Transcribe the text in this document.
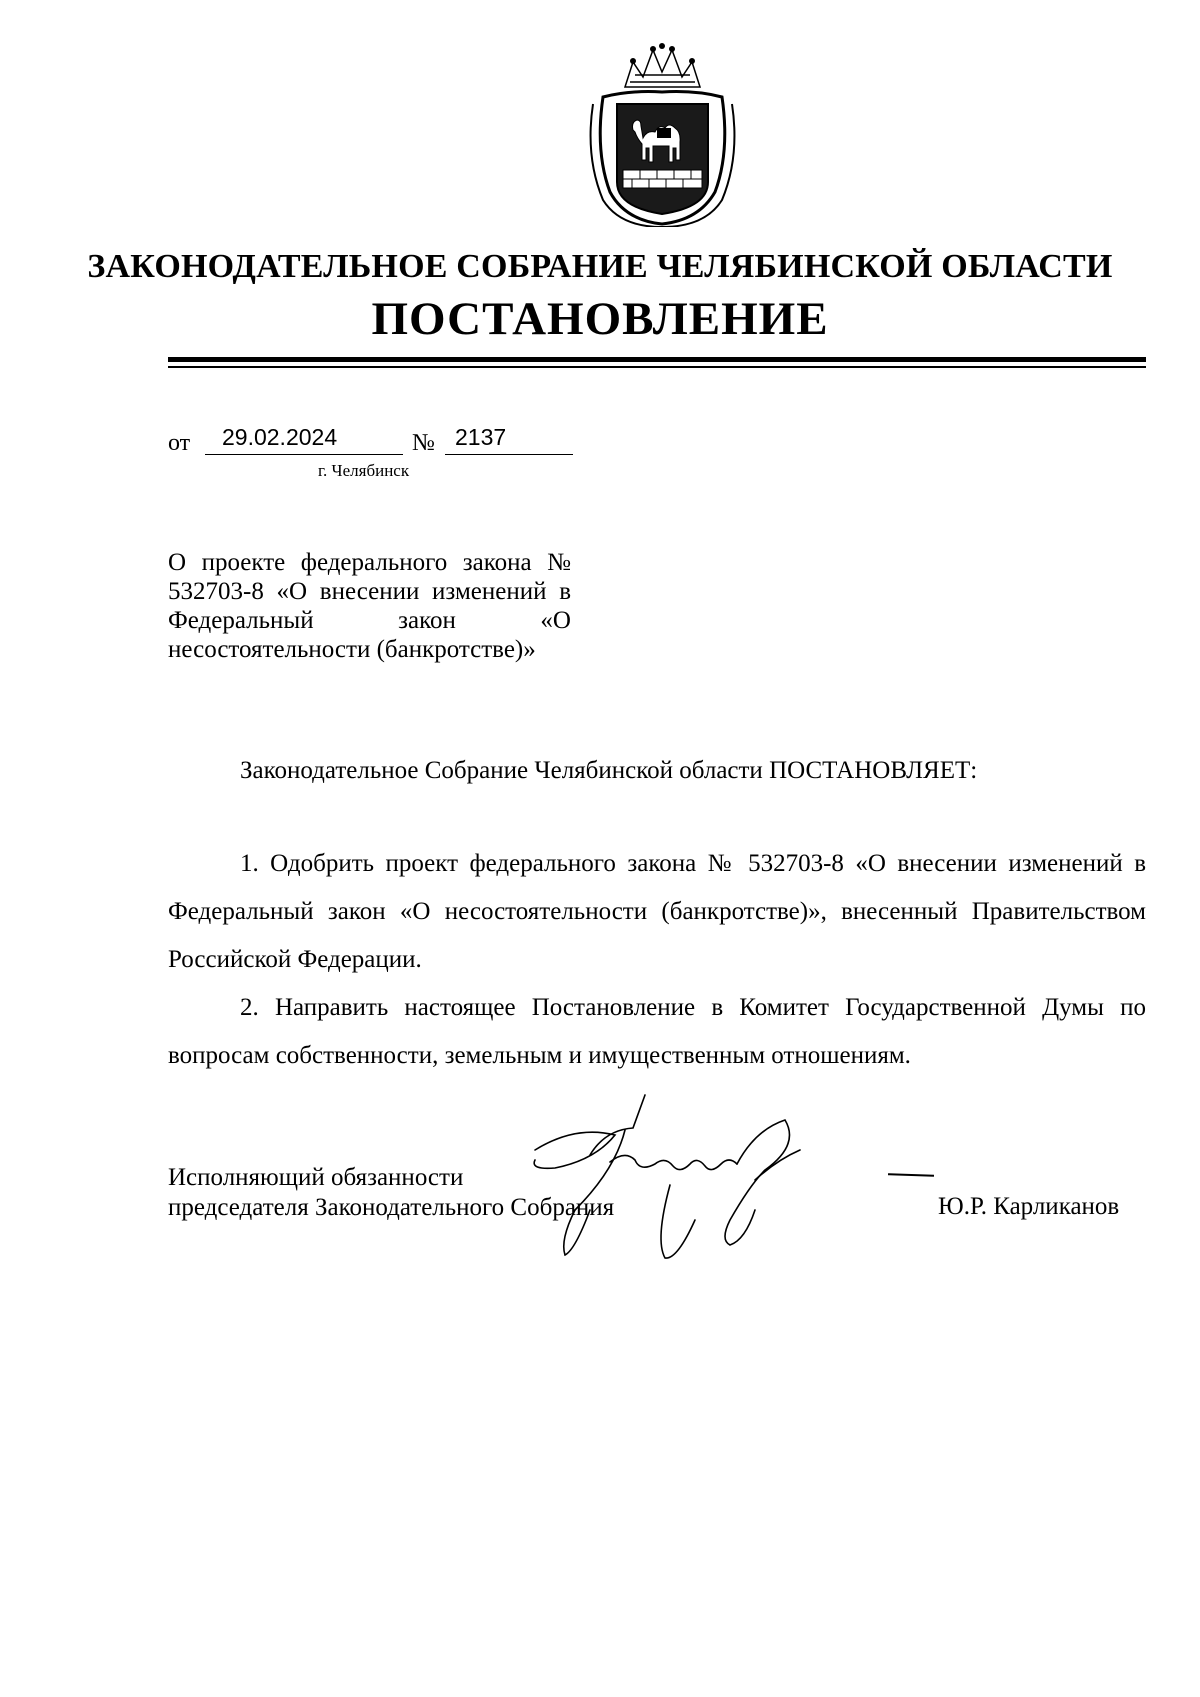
ЗАКОНОДАТЕЛЬНОЕ СОБРАНИЕ ЧЕЛЯБИНСКОЙ ОБЛАСТИ
ПОСТАНОВЛЕНИЕ
от 29.02.2024	№ 2137
г. Челябинск
О проекте федерального закона № 532703-8 «О внесении изменений в Федеральный закон «О несостоятельности (банкротстве)»
Законодательное Собрание Челябинской области ПОСТАНОВЛЯЕТ:
1. Одобрить проект федерального закона № 532703-8 «О внесении изменений в Федеральный закон «О несостоятельности (банкротстве)», внесенный Правительством Российской Федерации.
2. Направить настоящее Постановление в Комитет Государственной Думы по вопросам собственности, земельным и имущественным отношениям.
Исполняющий обязанности
председателя Законодательного Собрания	Ю.Р. Карликанов
